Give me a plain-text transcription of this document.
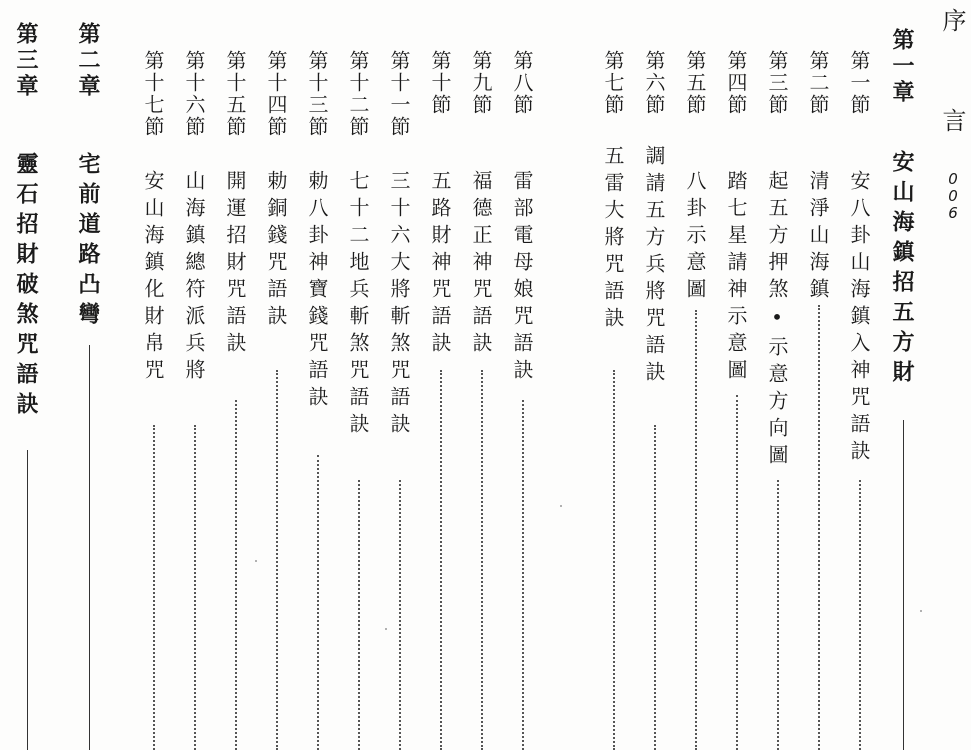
序 言
006
第一章
安山海鎮招五方財
第一節
安八卦山海鎮入神咒語訣
第二節
清淨山海鎮
第三節
起五方押煞•示意方向圖
第四節
踏七星請神示意圖
第五節
八卦示意圖
第六節
調請五方兵將咒語訣
第七節
五雷大將咒語訣
第八節
雷部電母娘咒語訣
第九節
福德正神咒語訣
第十節
五路財神咒語訣
第十一節
三十六大將斬煞咒語訣
第十二節
七十二地兵斬煞咒語訣
第十三節
勅八卦神寶錢咒語訣
第十四節
勅銅錢咒語訣
第十五節
開運招財咒語訣
第十六節
山海鎮總符派兵將
第十七節
安山海鎮化財帛咒
第二章
宅前道路凸彎
第三章
靈石招財破煞咒語訣
